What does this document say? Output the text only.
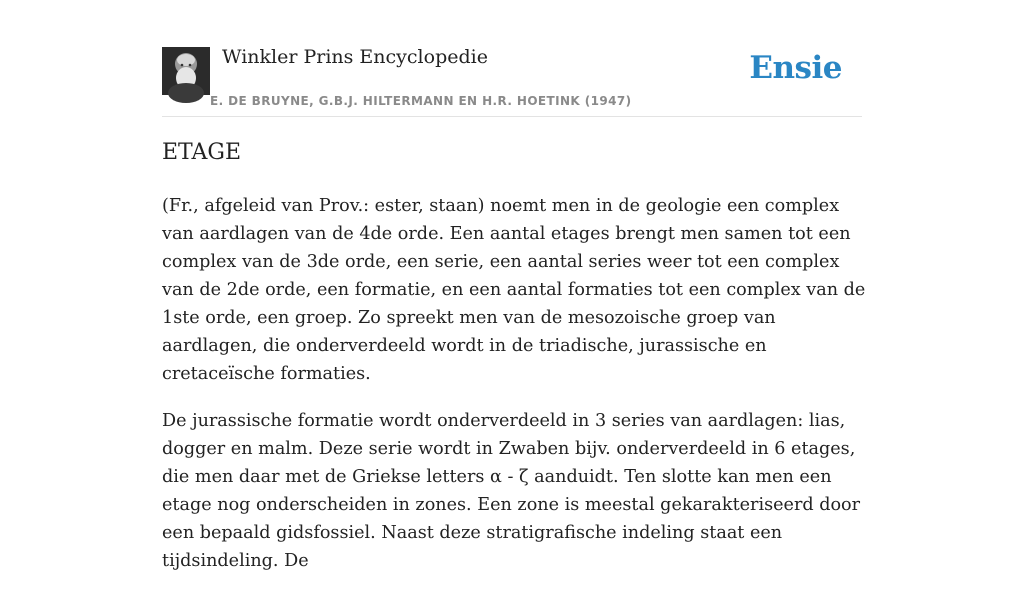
Winkler Prins Encyclopedie
E. DE BRUYNE, G.B.J. HILTERMANN EN H.R. HOETINK (1947)
Ensie
ETAGE

(Fr., afgeleid van Prov.: ester, staan) noemt men in de geologie een complex van aardlagen van de 4de orde. Een aantal etages brengt men samen tot een complex van de 3de orde, een serie, een aantal series weer tot een complex van de 2de orde, een formatie, en een aantal formaties tot een complex van de 1ste orde, een groep. Zo spreekt men van de mesozoische groep van aardlagen, die onderverdeeld wordt in de triadische, jurassische en cretaceïsche formaties.

De jurassische formatie wordt onderverdeeld in 3 series van aardlagen: lias, dogger en malm. Deze serie wordt in Zwaben bijv. onderverdeeld in 6 etages, die men daar met de Griekse letters α - ζ aanduidt. Ten slotte kan men een etage nog onderscheiden in zones. Een zone is meestal gekarakteriseerd door een bepaald gidsfossiel. Naast deze stratigrafische indeling staat een tijdsindeling. De
